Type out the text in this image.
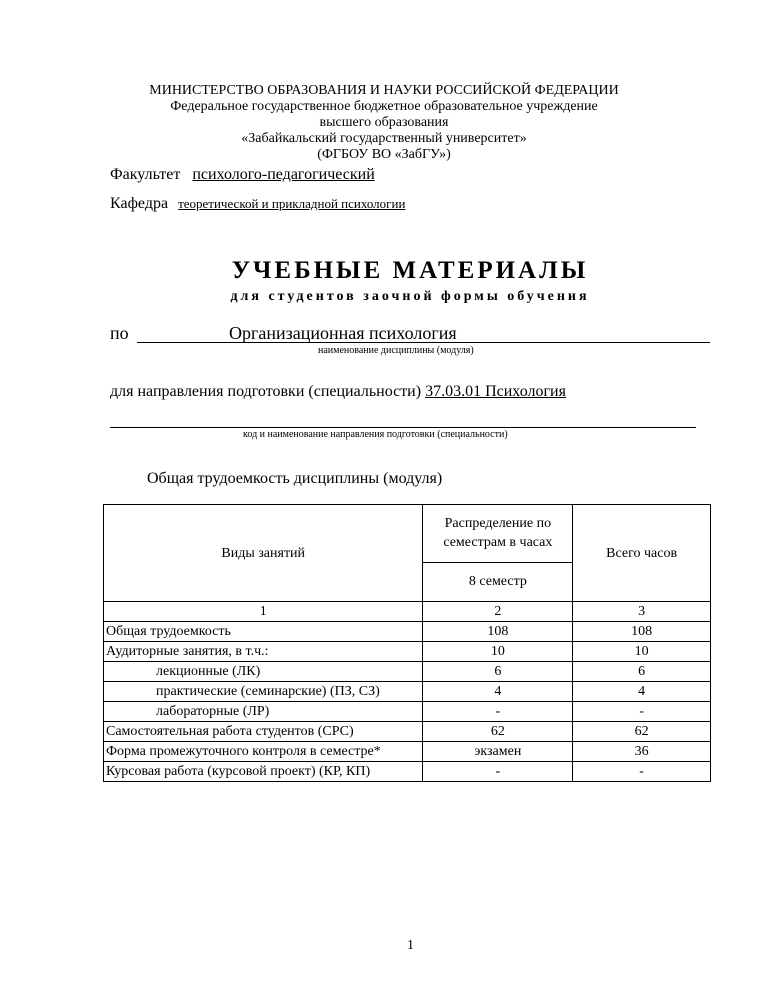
МИНИСТЕРСТВО ОБРАЗОВАНИЯ И НАУКИ РОССИЙСКОЙ ФЕДЕРАЦИИ
Федеральное государственное бюджетное образовательное учреждение
высшего образования
«Забайкальский государственный университет»
(ФГБОУ ВО «ЗабГУ»)
Факультет психолого-педагогический
Кафедра теоретической и прикладной психологии
УЧЕБНЫЕ МАТЕРИАЛЫ
для студентов заочной формы обучения
по	Организационная психология
наименование дисциплины (модуля)
для направления подготовки (специальности) 37.03.01 Психология
код и наименование направления подготовки (специальности)
Общая трудоемкость дисциплины (модуля)
Виды занятий	Распределение по семестрам в часах	Всего часов
	8 семестр	
1	2	3
Общая трудоемкость	108	108
Аудиторные занятия, в т.ч.:	10	10
лекционные (ЛК)	6	6
практические (семинарские) (ПЗ, СЗ)	4	4
лабораторные (ЛР)	-	-
Самостоятельная работа студентов (СРС)	62	62
Форма промежуточного контроля в семестре*	экзамен	36
Курсовая работа (курсовой проект) (КР, КП)	-	-
1
